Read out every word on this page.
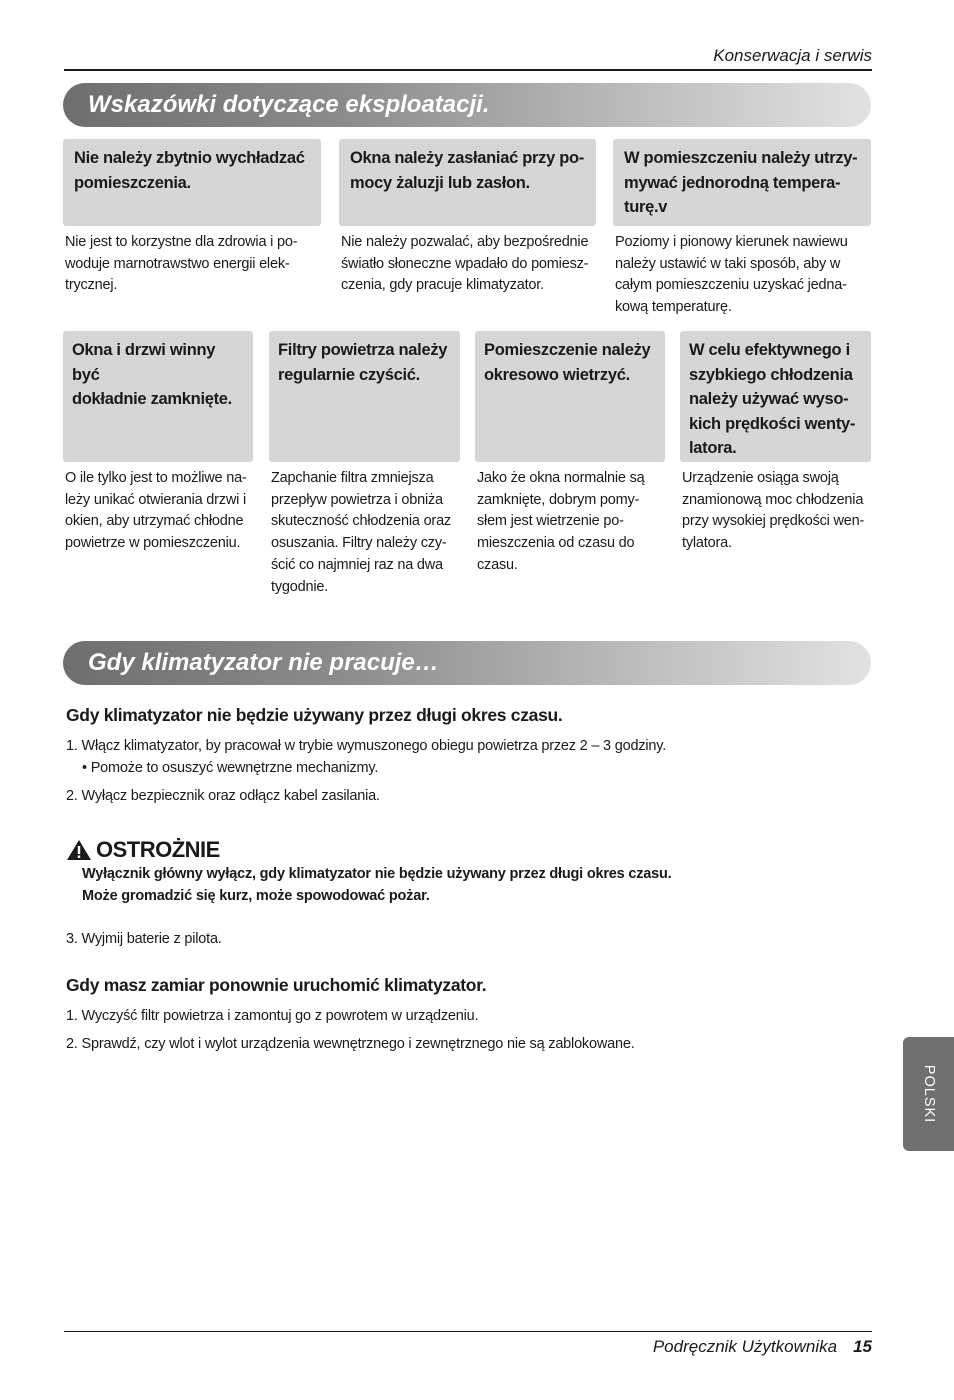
Konserwacja i serwis
Wskazówki dotyczące eksploatacji.
Nie należy zbytnio wychładzać
pomieszczenia.
Nie jest to korzystne dla zdrowia i po-
woduje marnotrawstwo energii elek-
trycznej.
Okna należy zasłaniać przy po-
mocy żaluzji lub zasłon.
Nie należy pozwalać, aby bezpośrednie
światło słoneczne wpadało do pomiesz-
czenia, gdy pracuje klimatyzator.
W pomieszczeniu należy utrzy-
mywać jednorodną tempera-
turę.v
Poziomy i pionowy kierunek nawiewu
należy ustawić w taki sposób, aby w
całym pomieszczeniu uzyskać jedna-
kową temperaturę.
Okna i drzwi winny być
dokładnie zamknięte.
O ile tylko jest to możliwe na-
leży unikać otwierania drzwi i
okien, aby utrzymać chłodne
powietrze w pomieszczeniu.
Filtry powietrza należy
regularnie czyścić.
Zapchanie filtra zmniejsza
przepływ powietrza i obniża
skuteczność chłodzenia oraz
osuszania. Filtry należy czy-
ścić co najmniej raz na dwa
tygodnie.
Pomieszczenie należy
okresowo wietrzyć.
Jako że okna normalnie są
zamknięte, dobrym pomy-
słem jest wietrzenie po-
mieszczenia od czasu do
czasu.
W celu efektywnego i
szybkiego chłodzenia
należy używać wyso-
kich prędkości wenty-
latora.
Urządzenie osiąga swoją
znamionową moc chłodzenia
przy wysokiej prędkości wen-
tylatora.
Gdy klimatyzator nie pracuje…
Gdy klimatyzator nie będzie używany przez długi okres czasu.
1. Włącz klimatyzator, by pracował w trybie wymuszonego obiegu powietrza przez 2 – 3 godziny.
• Pomoże to osuszyć wewnętrzne mechanizmy.
2. Wyłącz bezpiecznik oraz odłącz kabel zasilania.
OSTROŻNIE
Wyłącznik główny wyłącz, gdy klimatyzator nie będzie używany przez długi okres czasu.
Może gromadzić się kurz, może spowodować pożar.
3. Wyjmij baterie z pilota.
Gdy masz zamiar ponownie uruchomić klimatyzator.
1. Wyczyść filtr powietrza i zamontuj go z powrotem w urządzeniu.
2. Sprawdź, czy wlot i wylot urządzenia wewnętrznego i zewnętrznego nie są zablokowane.
POLSKI
Podręcznik Użytkownika 15
